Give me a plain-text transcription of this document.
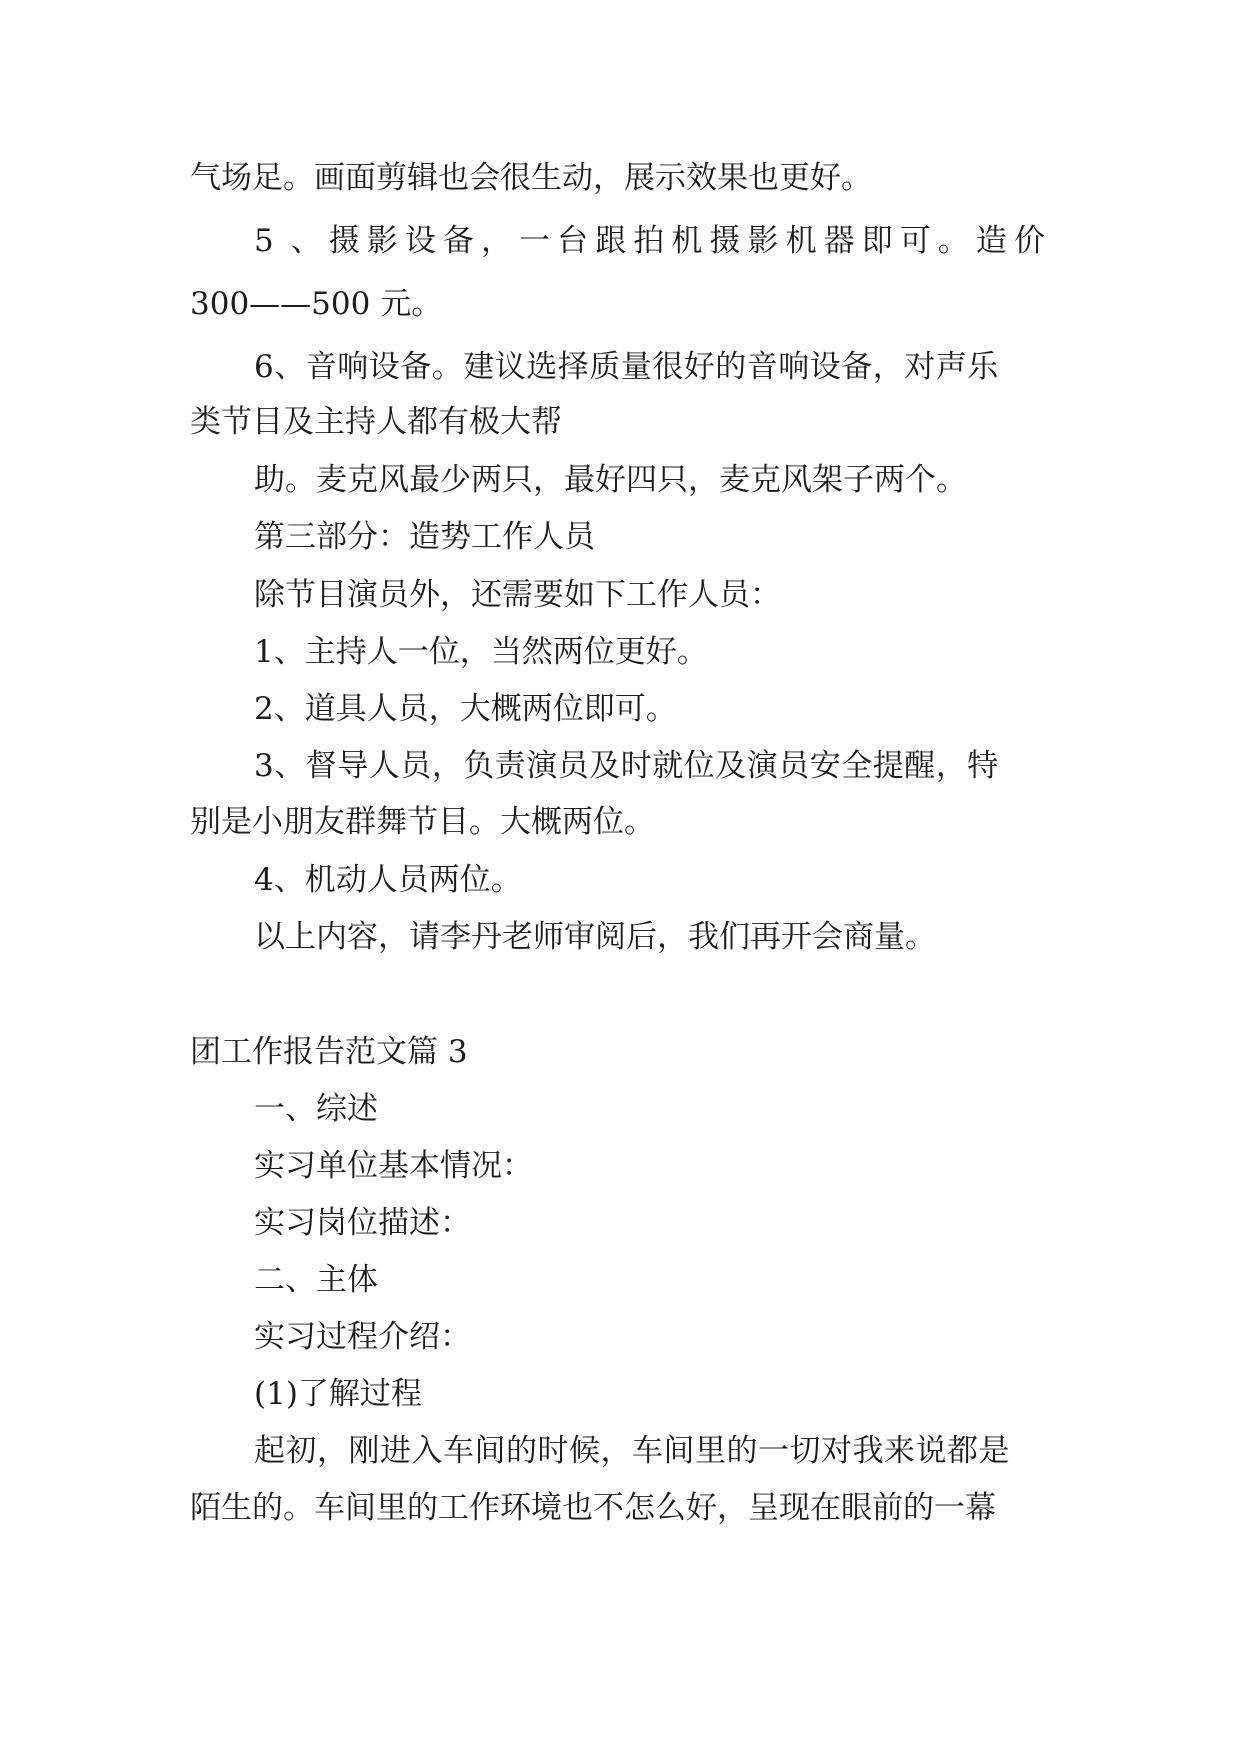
气场足。画面剪辑也会很生动，展示效果也更好。

5 、摄影设备，一台跟拍机摄影机器即可。造价

300——500 元。

6、音响设备。建议选择质量很好的音响设备，对声乐

类节目及主持人都有极大帮

助。麦克风最少两只，最好四只，麦克风架子两个。

第三部分：造势工作人员

除节目演员外，还需要如下工作人员：

1、主持人一位，当然两位更好。

2、道具人员，大概两位即可。

3、督导人员，负责演员及时就位及演员安全提醒，特

别是小朋友群舞节目。大概两位。

4、机动人员两位。

以上内容，请李丹老师审阅后，我们再开会商量。

团工作报告范文篇 3

一、综述

实习单位基本情况：

实习岗位描述：

二、主体

实习过程介绍：

(1)了解过程

起初，刚进入车间的时候，车间里的一切对我来说都是

陌生的。车间里的工作环境也不怎么好，呈现在眼前的一幕
